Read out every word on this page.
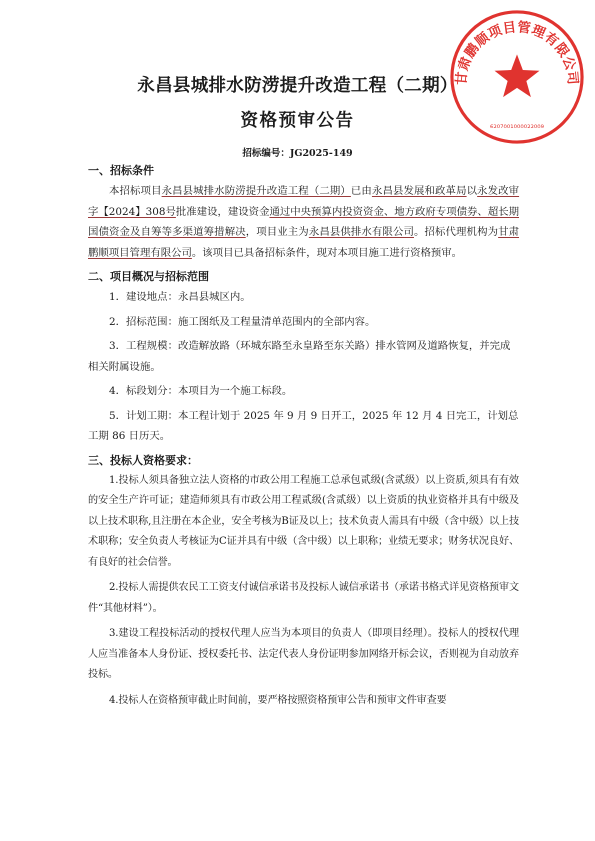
甘肃鹏顺项目管理有限公司
6207001000022009
永昌县城排水防涝提升改造工程（二期）
资格预审公告
招标编号：JG2025-149

一、招标条件

本招标项目永昌县城排水防涝提升改造工程（二期）已由永昌县发展和政革局以永发改审字【2024】308号批准建设，建设资金通过中央预算内投资资金、地方政府专项债券、超长期国债资金及自筹等多渠道筹措解决，项目业主为永昌县供排水有限公司。招标代理机构为甘肃鹏顺项目管理有限公司。该项目已具备招标条件，现对本项目施工进行资格预审。

二、项目概况与招标范围

1．建设地点：永昌县城区内。

2．招标范围：施工图纸及工程量清单范围内的全部内容。

3．工程规模：改造解放路（环城东路至永皇路至东关路）排水管网及道路恢复，并完成相关附属设施。

4．标段划分：本项目为一个施工标段。

5．计划工期：本工程计划于 2025 年 9 月 9 日开工，2025 年 12 月 4 日完工，计划总工期 86 日历天。

三、投标人资格要求：

1.投标人须具备独立法人资格的市政公用工程施工总承包贰级(含贰级）以上资质,须具有有效的安全生产许可证；建造师须具有市政公用工程贰级(含贰级）以上资质的执业资格并具有中级及以上技术职称,且注册在本企业，安全考核为B证及以上；技术负责人需具有中级（含中级）以上技术职称；安全负责人考核证为C证并具有中级（含中级）以上职称；业绩无要求；财务状况良好、有良好的社会信誉。

2.投标人需提供农民工工资支付诚信承诺书及投标人诚信承诺书（承诺书格式详见资格预审文件“其他材料”）。

3.建设工程投标活动的授权代理人应当为本项目的负责人（即项目经理）。投标人的授权代理人应当准备本人身份证、授权委托书、法定代表人身份证明参加网络开标会议，否则视为自动放弃投标。

4.投标人在资格预审截止时间前，要严格按照资格预审公告和预审文件审查要
